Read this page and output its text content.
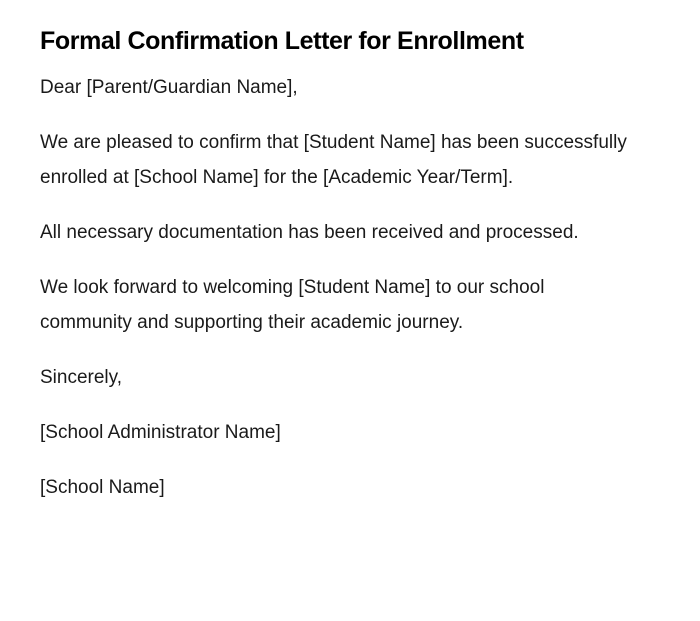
Formal Confirmation Letter for Enrollment

Dear [Parent/Guardian Name],

We are pleased to confirm that [Student Name] has been successfully enrolled at [School Name] for the [Academic Year/Term].

All necessary documentation has been received and processed.

We look forward to welcoming [Student Name] to our school community and supporting their academic journey.

Sincerely,

[School Administrator Name]

[School Name]
